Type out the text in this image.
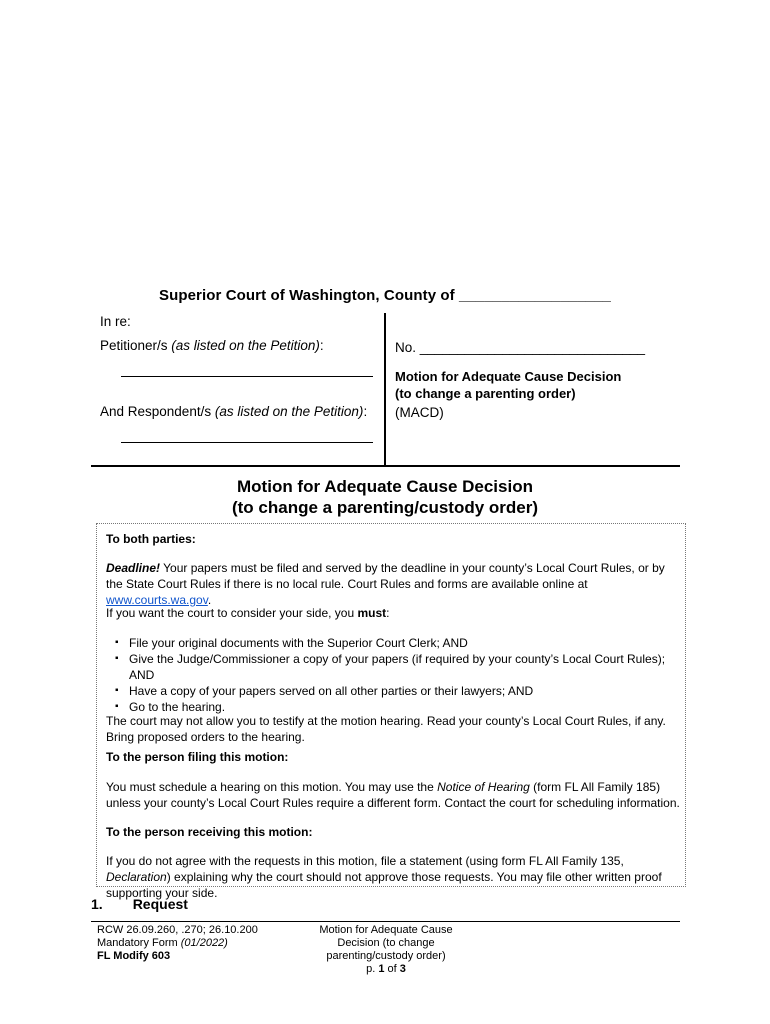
Superior Court of Washington, County of __________________
In re:
Petitioner/s (as listed on the Petition):
And Respondent/s (as listed on the Petition):
No. ______________________________
Motion for Adequate Cause Decision
(to change a parenting order)
(MACD)
Motion for Adequate Cause Decision
(to change a parenting/custody order)

To both parties:

Deadline! Your papers must be filed and served by the deadline in your county’s Local Court Rules, or by the State Court Rules if there is no local rule. Court Rules and forms are available online at www.courts.wa.gov.

If you want the court to consider your side, you must:

▪ File your original documents with the Superior Court Clerk; AND
▪ Give the Judge/Commissioner a copy of your papers (if required by your county’s Local Court Rules); AND
▪ Have a copy of your papers served on all other parties or their lawyers; AND
▪ Go to the hearing.

The court may not allow you to testify at the motion hearing. Read your county’s Local Court Rules, if any. Bring proposed orders to the hearing.

To the person filing this motion:

You must schedule a hearing on this motion. You may use the Notice of Hearing (form FL All Family 185) unless your county’s Local Court Rules require a different form. Contact the court for scheduling information.

To the person receiving this motion:

If you do not agree with the requests in this motion, file a statement (using form FL All Family 135, Declaration) explaining why the court should not approve those requests. You may file other written proof supporting your side.

1. Request
RCW 26.09.260, .270; 26.10.200
Mandatory Form (01/2022)
FL Modify 603
Motion for Adequate Cause
Decision (to change
parenting/custody order)
p. 1 of 3
